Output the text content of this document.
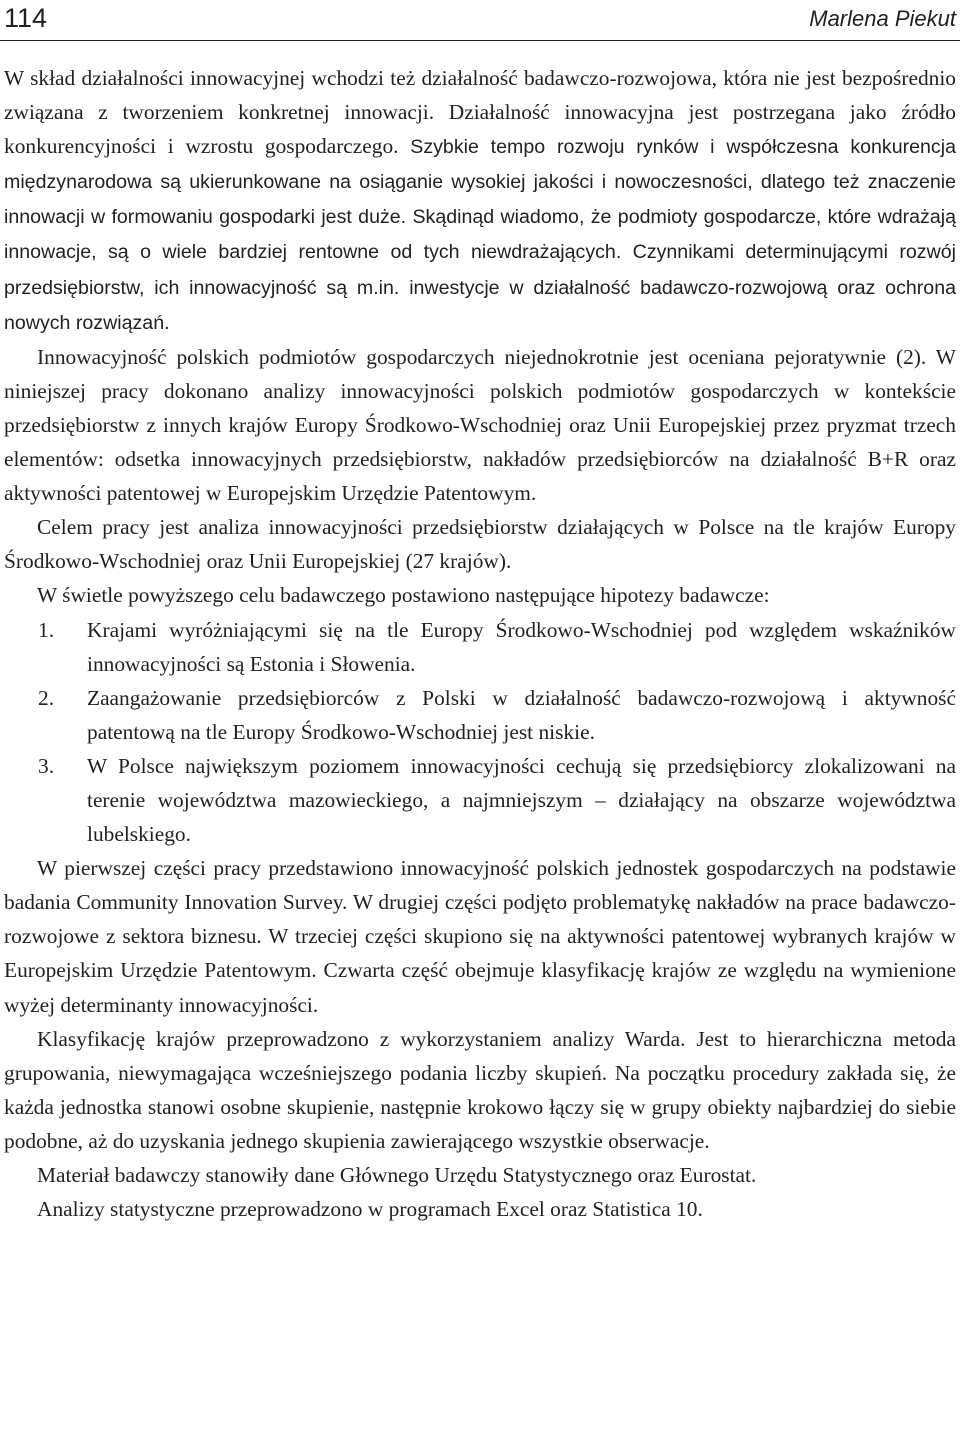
114	Marlena Piekut

W skład działalności innowacyjnej wchodzi też działalność badawczo-rozwojowa, która nie jest bezpośrednio związana z tworzeniem konkretnej innowacji. Działalność innowacyjna jest postrzegana jako źródło konkurencyjności i wzrostu gospodarczego. Szybkie tempo rozwoju rynków i współczesna konkurencja międzynarodowa są ukierunkowane na osiąganie wysokiej jakości i nowoczesności, dlatego też znaczenie innowacji w formowaniu gospodarki jest duże. Skądinąd wiadomo, że podmioty gospodarcze, które wdrażają innowacje, są o wiele bardziej rentowne od tych niewdrażających. Czynnikami determinującymi rozwój przedsiębiorstw, ich innowacyjność są m.in. inwestycje w działalność badawczo-rozwojową oraz ochrona nowych rozwiązań.

Innowacyjność polskich podmiotów gospodarczych niejednokrotnie jest oceniana pejoratywnie (2). W niniejszej pracy dokonano analizy innowacyjności polskich podmiotów gospodarczych w kontekście przedsiębiorstw z innych krajów Europy Środkowo-Wschodniej oraz Unii Europejskiej przez pryzmat trzech elementów: odsetka innowacyjnych przedsiębiorstw, nakładów przedsiębiorców na działalność B+R oraz aktywności patentowej w Europejskim Urzędzie Patentowym.

Celem pracy jest analiza innowacyjności przedsiębiorstw działających w Polsce na tle krajów Europy Środkowo-Wschodniej oraz Unii Europejskiej (27 krajów).

W świetle powyższego celu badawczego postawiono następujące hipotezy badawcze:

1. Krajami wyróżniającymi się na tle Europy Środkowo-Wschodniej pod względem wskaźników innowacyjności są Estonia i Słowenia.
2. Zaangażowanie przedsiębiorców z Polski w działalność badawczo-rozwojową i aktywność patentową na tle Europy Środkowo-Wschodniej jest niskie.
3. W Polsce największym poziomem innowacyjności cechują się przedsiębiorcy zlokalizowani na terenie województwa mazowieckiego, a najmniejszym – działający na obszarze województwa lubelskiego.

W pierwszej części pracy przedstawiono innowacyjność polskich jednostek gospodarczych na podstawie badania Community Innovation Survey. W drugiej części podjęto problematykę nakładów na prace badawczo-rozwojowe z sektora biznesu. W trzeciej części skupiono się na aktywności patentowej wybranych krajów w Europejskim Urzędzie Patentowym. Czwarta część obejmuje klasyfikację krajów ze względu na wymienione wyżej determinanty innowacyjności.

Klasyfikację krajów przeprowadzono z wykorzystaniem analizy Warda. Jest to hierarchiczna metoda grupowania, niewymagająca wcześniejszego podania liczby skupień. Na początku procedury zakłada się, że każda jednostka stanowi osobne skupienie, następnie krokowo łączy się w grupy obiekty najbardziej do siebie podobne, aż do uzyskania jednego skupienia zawierającego wszystkie obserwacje.

Materiał badawczy stanowiły dane Głównego Urzędu Statystycznego oraz Eurostat.

Analizy statystyczne przeprowadzono w programach Excel oraz Statistica 10.
